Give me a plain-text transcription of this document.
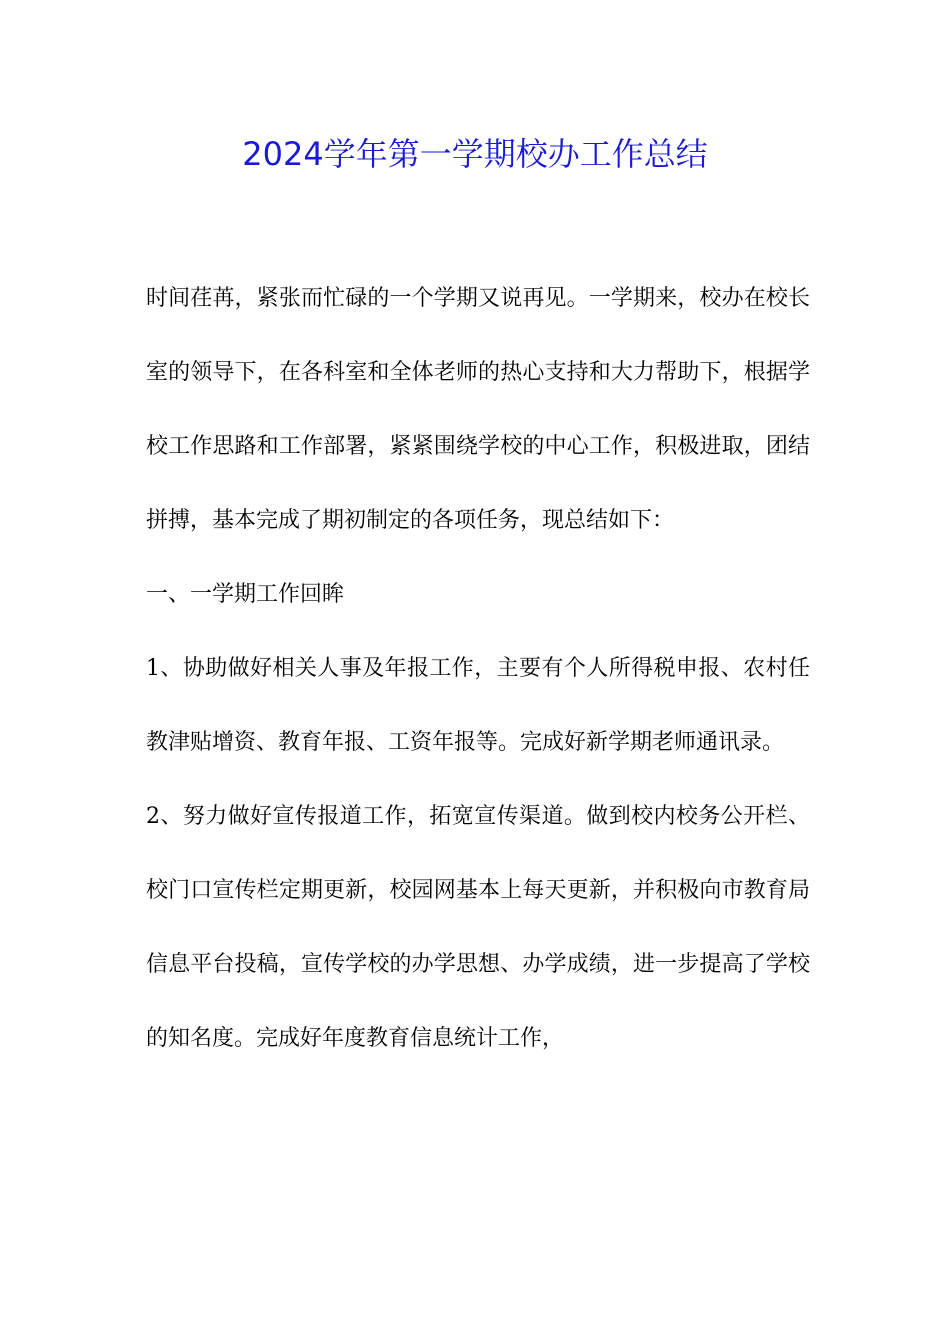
2024学年第一学期校办工作总结

时间荏苒，紧张而忙碌的一个学期又说再见。一学期来，校办在校长室的领导下，在各科室和全体老师的热心支持和大力帮助下，根据学校工作思路和工作部署，紧紧围绕学校的中心工作，积极进取，团结拼搏，基本完成了期初制定的各项任务，现总结如下：

一、一学期工作回眸

1、协助做好相关人事及年报工作，主要有个人所得税申报、农村任教津贴增资、教育年报、工资年报等。完成好新学期老师通讯录。

2、努力做好宣传报道工作，拓宽宣传渠道。做到校内校务公开栏、校门口宣传栏定期更新，校园网基本上每天更新，并积极向市教育局信息平台投稿，宣传学校的办学思想、办学成绩，进一步提高了学校的知名度。完成好年度教育信息统计工作，
